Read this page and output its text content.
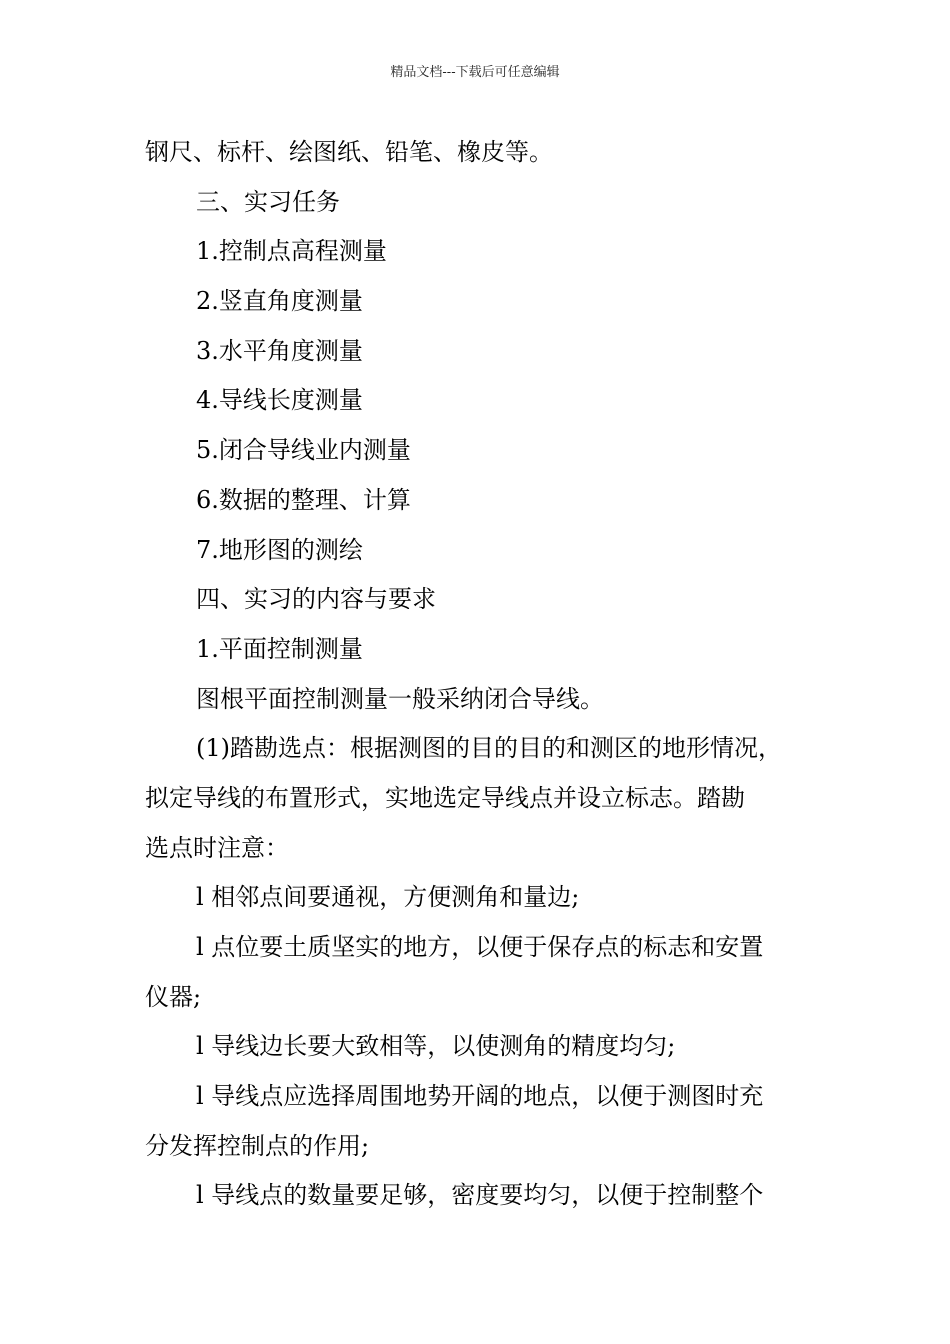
精品文档---下载后可任意编辑
钢尺、标杆、绘图纸、铅笔、橡皮等。
三、实习任务
1.控制点高程测量
2.竖直角度测量
3.水平角度测量
4.导线长度测量
5.闭合导线业内测量
6.数据的整理、计算
7.地形图的测绘
四、实习的内容与要求
1.平面控制测量
图根平面控制测量一般采纳闭合导线。
(1)踏勘选点：根据测图的目的目的和测区的地形情况，
拟定导线的布置形式，实地选定导线点并设立标志。踏勘
选点时注意：
l 相邻点间要通视，方便测角和量边;
l 点位要土质坚实的地方，以便于保存点的标志和安置
仪器;
l 导线边长要大致相等，以使测角的精度均匀;
l 导线点应选择周围地势开阔的地点，以便于测图时充
分发挥控制点的作用;
l 导线点的数量要足够，密度要均匀，以便于控制整个
